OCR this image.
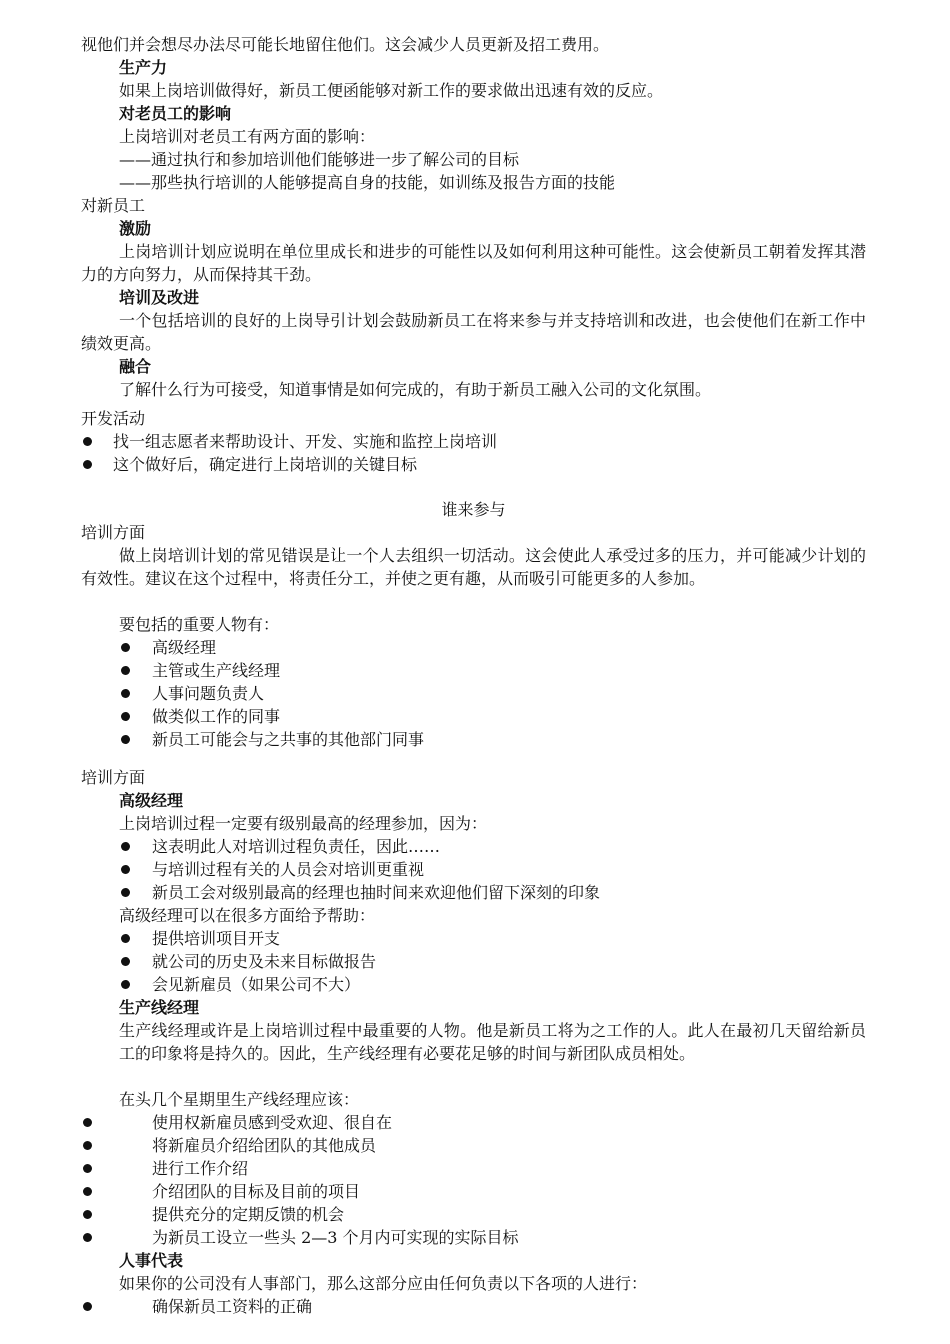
视他们并会想尽办法尽可能长地留住他们。这会减少人员更新及招工费用。
生产力
如果上岗培训做得好，新员工便函能够对新工作的要求做出迅速有效的反应。
对老员工的影响
上岗培训对老员工有两方面的影响：
——通过执行和参加培训他们能够进一步了解公司的目标
——那些执行培训的人能够提高自身的技能，如训练及报告方面的技能
对新员工
激励
上岗培训计划应说明在单位里成长和进步的可能性以及如何利用这种可能性。这会使新员工朝着发挥其潜力的方向努力，从而保持其干劲。
培训及改进
一个包括培训的良好的上岗导引计划会鼓励新员工在将来参与并支持培训和改进，也会使他们在新工作中绩效更高。
融合
了解什么行为可接受，知道事情是如何完成的，有助于新员工融入公司的文化氛围。
开发活动
找一组志愿者来帮助设计、开发、实施和监控上岗培训
这个做好后，确定进行上岗培训的关键目标
谁来参与
培训方面
做上岗培训计划的常见错误是让一个人去组织一切活动。这会使此人承受过多的压力，并可能减少计划的有效性。建议在这个过程中，将责任分工，并使之更有趣，从而吸引可能更多的人参加。
要包括的重要人物有：
高级经理
主管或生产线经理
人事问题负责人
做类似工作的同事
新员工可能会与之共事的其他部门同事
培训方面
高级经理
上岗培训过程一定要有级别最高的经理参加，因为：
这表明此人对培训过程负责任，因此……
与培训过程有关的人员会对培训更重视
新员工会对级别最高的经理也抽时间来欢迎他们留下深刻的印象
高级经理可以在很多方面给予帮助：
提供培训项目开支
就公司的历史及未来目标做报告
会见新雇员（如果公司不大）
生产线经理
生产线经理或许是上岗培训过程中最重要的人物。他是新员工将为之工作的人。此人在最初几天留给新员工的印象将是持久的。因此，生产线经理有必要花足够的时间与新团队成员相处。
在头几个星期里生产线经理应该：
使用权新雇员感到受欢迎、很自在
将新雇员介绍给团队的其他成员
进行工作介绍
介绍团队的目标及目前的项目
提供充分的定期反馈的机会
为新员工设立一些头 2—3 个月内可实现的实际目标
人事代表
如果你的公司没有人事部门，那么这部分应由任何负责以下各项的人进行：
确保新员工资料的正确
